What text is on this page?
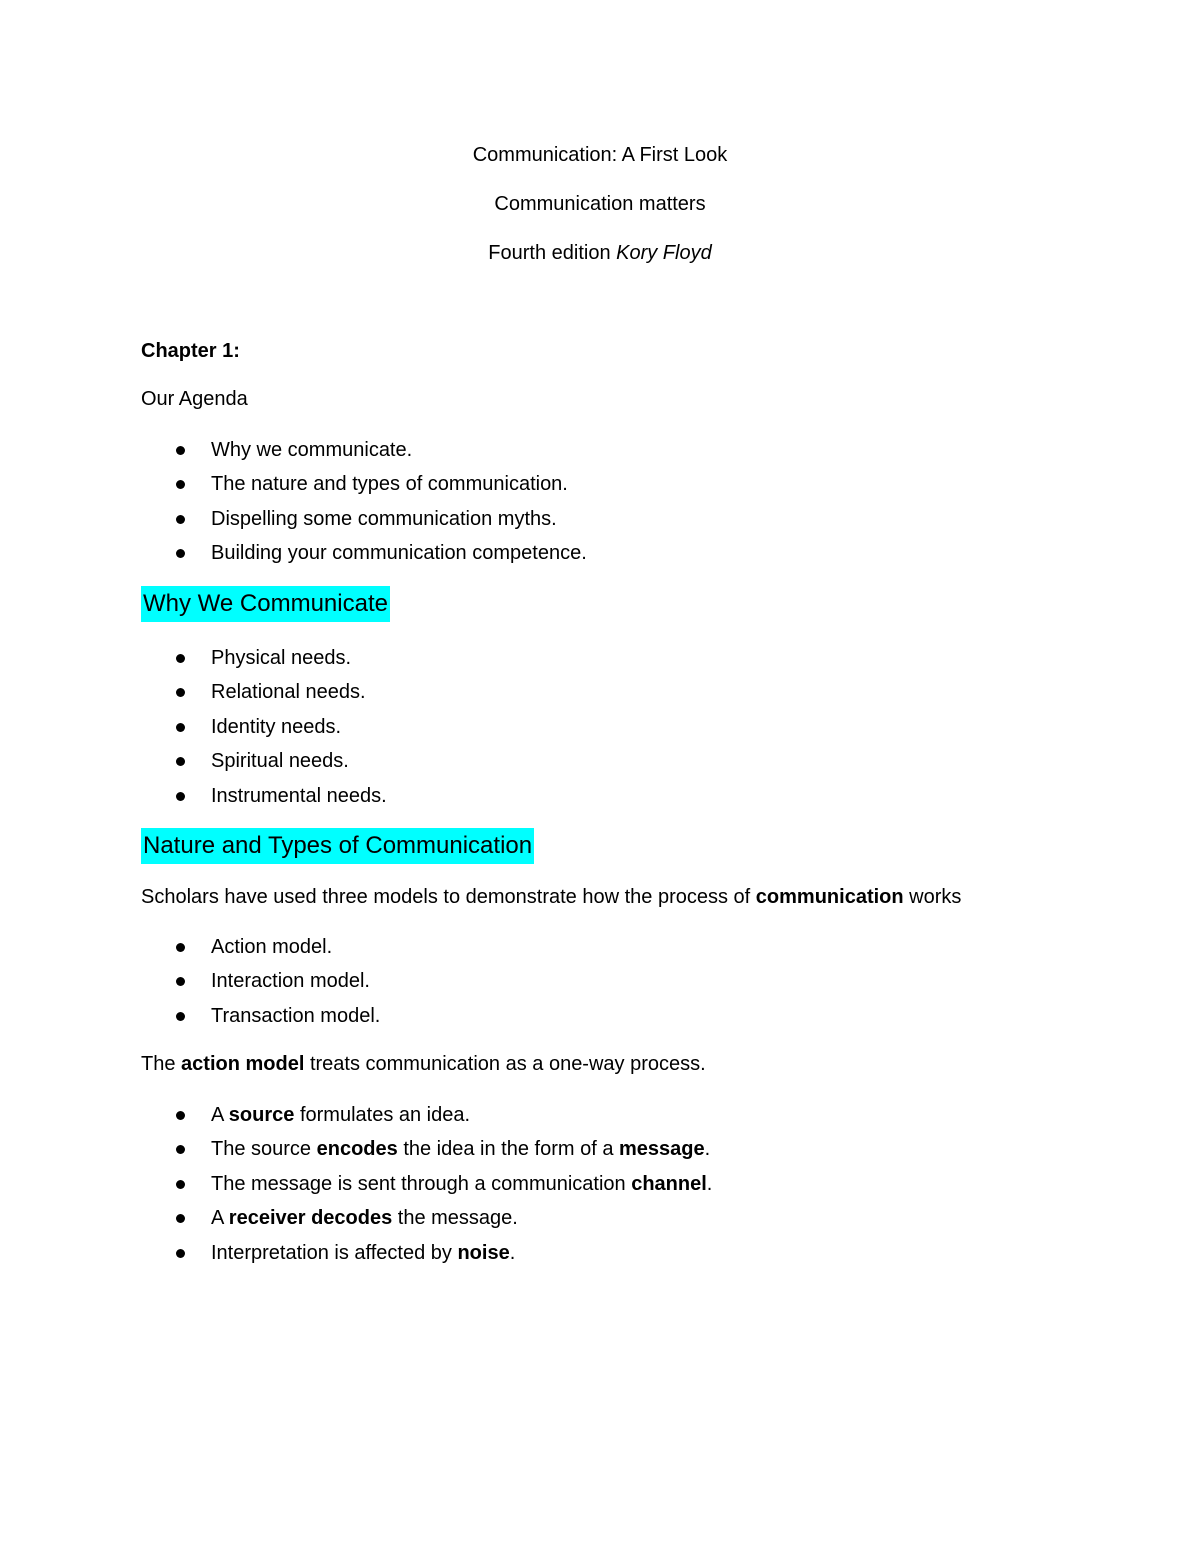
Communication: A First Look
Communication matters
Fourth edition Kory Floyd
Chapter 1:
Our Agenda
Why we communicate.
The nature and types of communication.
Dispelling some communication myths.
Building your communication competence.
Why We Communicate
Physical needs.
Relational needs.
Identity needs.
Spiritual needs.
Instrumental needs.
Nature and Types of Communication
Scholars have used three models to demonstrate how the process of communication works
Action model.
Interaction model.
Transaction model.
The action model treats communication as a one-way process.
A source formulates an idea.
The source encodes the idea in the form of a message.
The message is sent through a communication channel.
A receiver decodes the message.
Interpretation is affected by noise.
